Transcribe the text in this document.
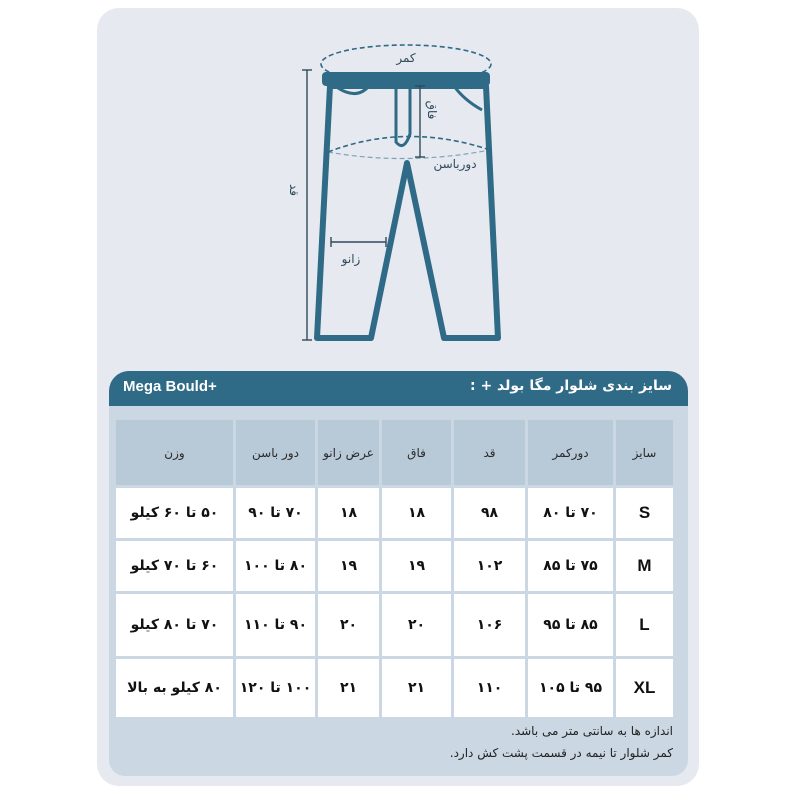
کمر
فاق
دورباسن
قد
زانو
Mega Bould+	سایز بندی شلوار مگا بولد + :
سایز
دورکمر
قد
فاق
عرض زانو
دور باسن
وزن
S
۷۰ تا ۸۰
۹۸
۱۸
۱۸
۷۰ تا ۹۰
۵۰ تا ۶۰ کیلو
M
۷۵ تا ۸۵
۱۰۲
۱۹
۱۹
۸۰ تا ۱۰۰
۶۰ تا ۷۰ کیلو
L
۸۵ تا ۹۵
۱۰۶
۲۰
۲۰
۹۰ تا ۱۱۰
۷۰ تا ۸۰ کیلو
XL
۹۵ تا ۱۰۵
۱۱۰
۲۱
۲۱
۱۰۰ تا ۱۲۰
۸۰ کیلو به بالا
اندازه ها به سانتی متر می باشد.
کمر شلوار تا نیمه در قسمت پشت کش دارد.
